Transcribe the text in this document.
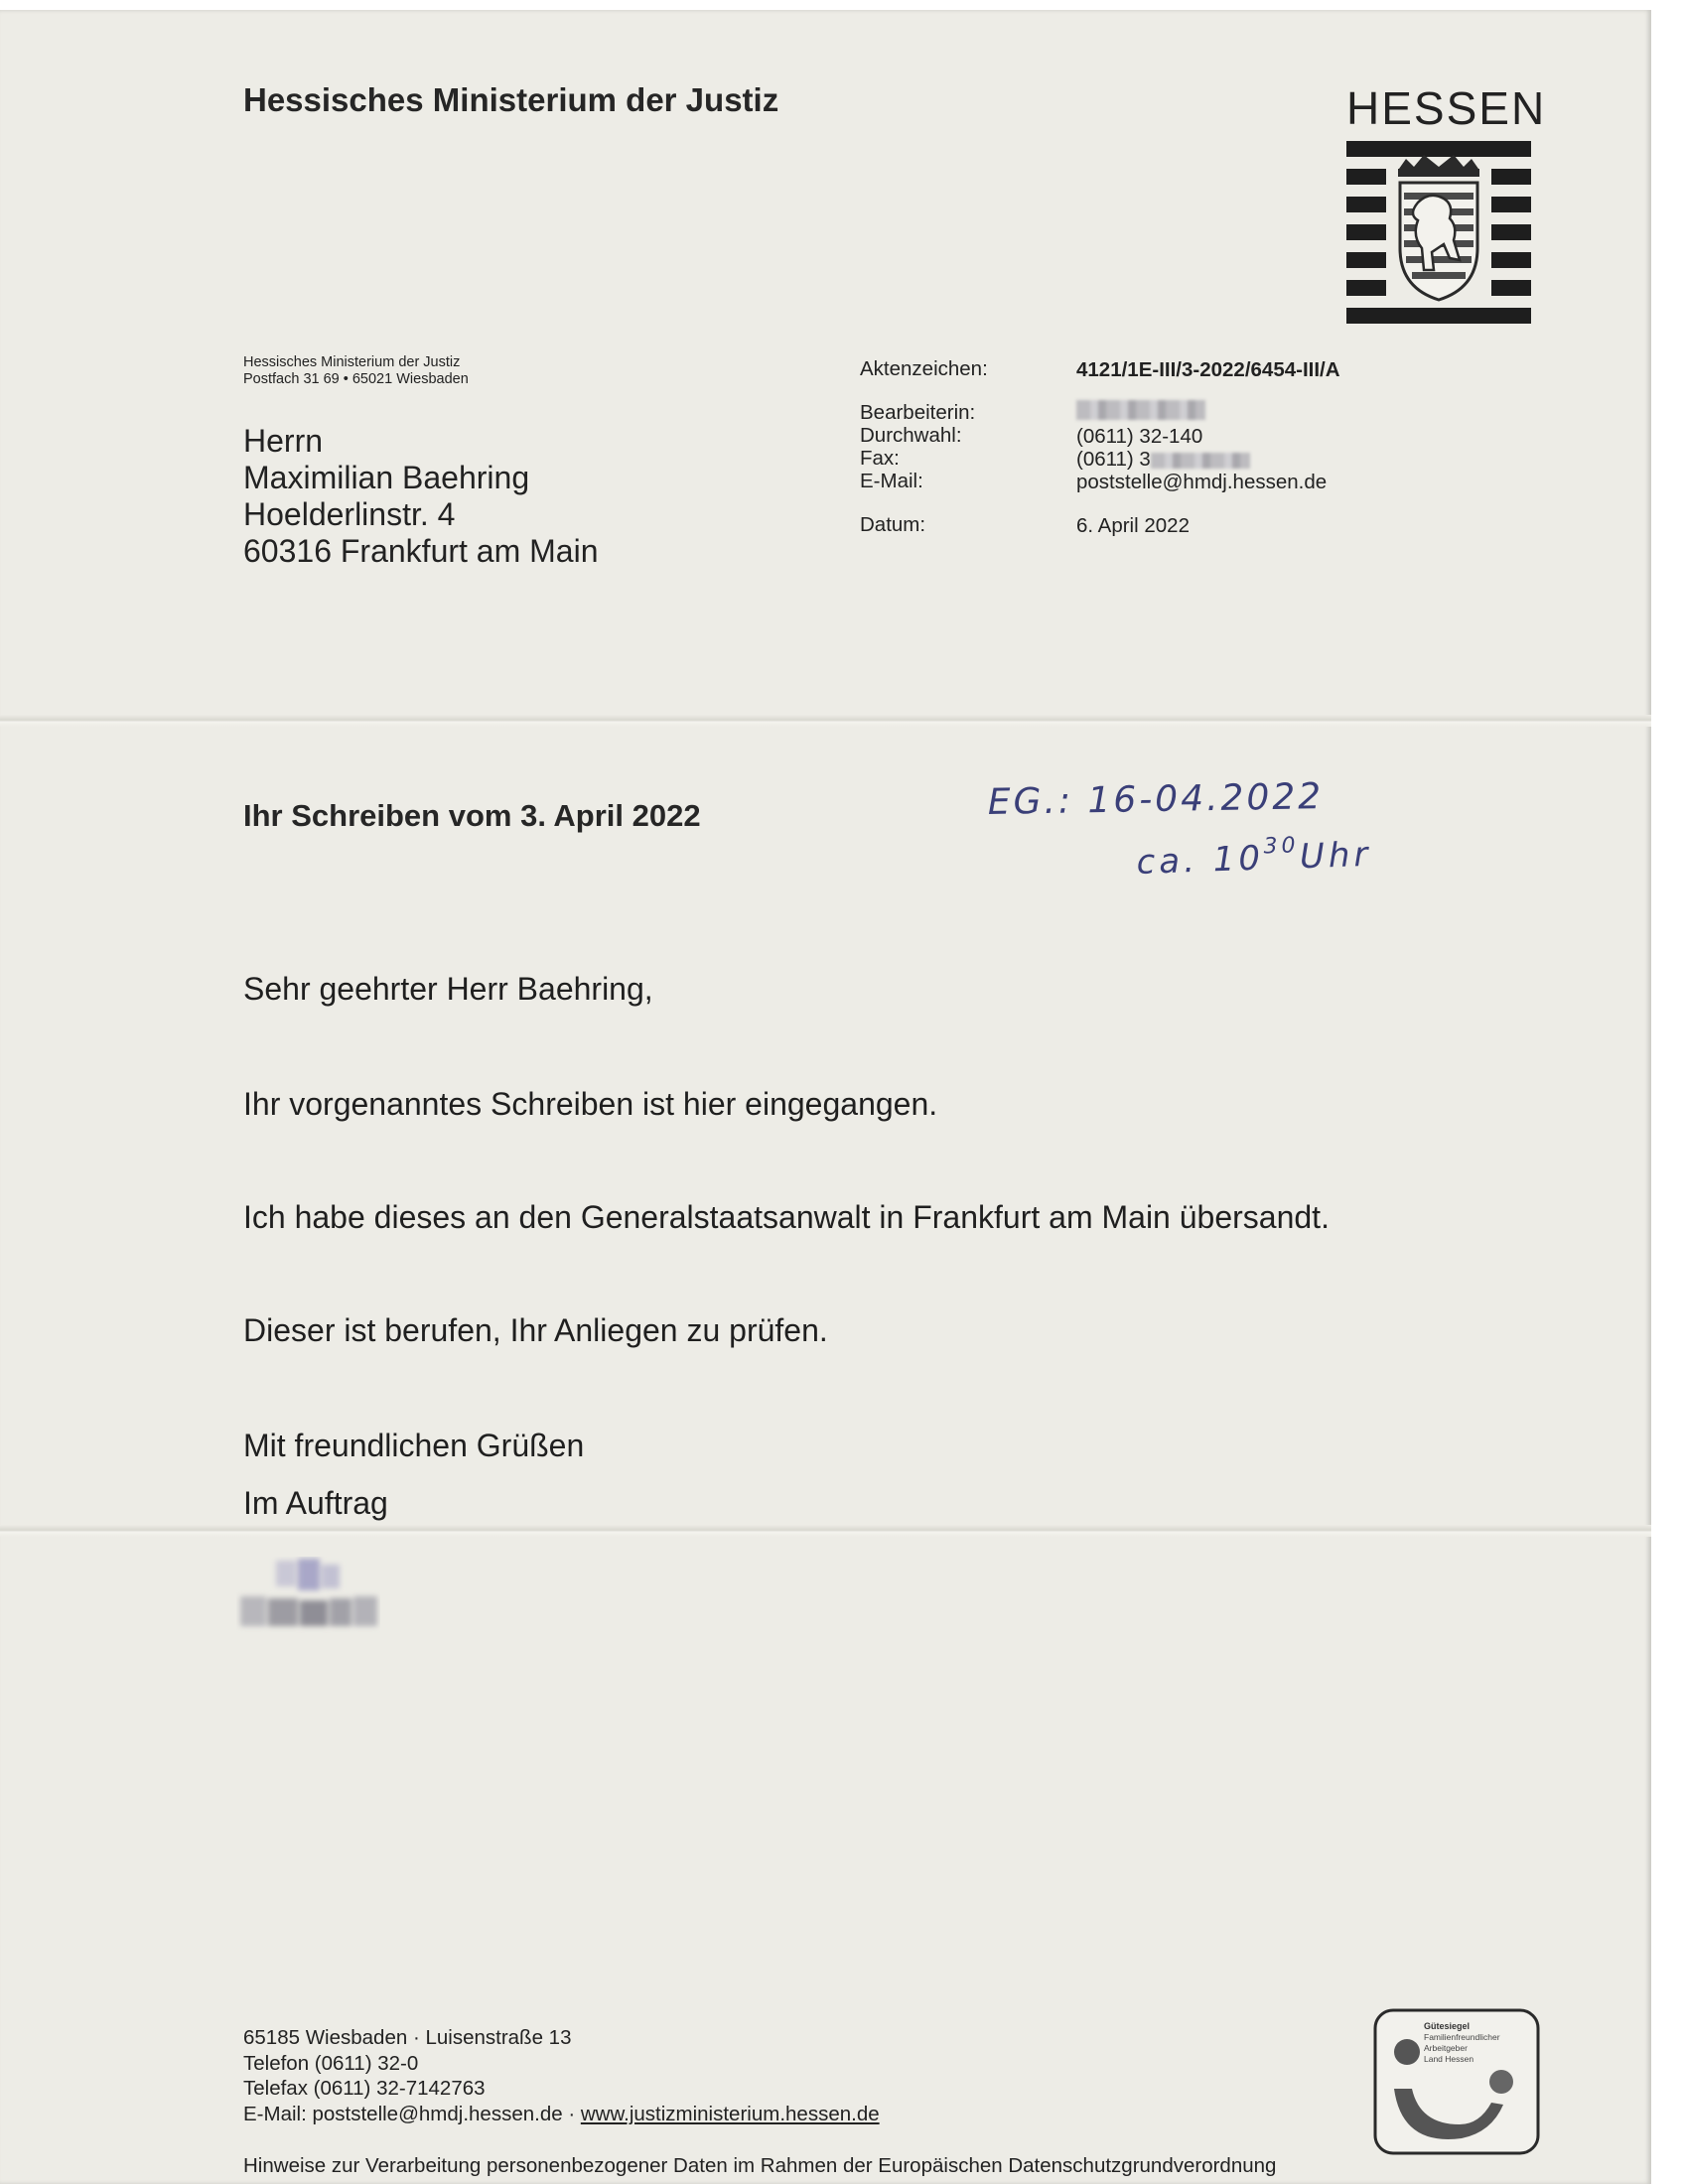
Hessisches Ministerium der Justiz	HESSEN
Hessisches Ministerium der Justiz
Postfach 31 69 • 65021 Wiesbaden
Herrn
Maximilian Baehring
Hoelderlinstr. 4
60316 Frankfurt am Main
Aktenzeichen:	4121/1E-III/3-2022/6454-III/A
Bearbeiterin:
Durchwahl:	(0611) 32-140
Fax:	(0611) 3
E-Mail:	poststelle@hmdj.hessen.de
Datum:	6. April 2022
Ihr Schreiben vom 3. April 2022	EG.: 16-04.2022
ca. $10^{30}Uhr$
Sehr geehrter Herr Baehring,
Ihr vorgenanntes Schreiben ist hier eingegangen.
Ich habe dieses an den Generalstaatsanwalt in Frankfurt am Main übersandt.
Dieser ist berufen, Ihr Anliegen zu prüfen.
Mit freundlichen Grüßen
Im Auftrag
65185 Wiesbaden · Luisenstraße 13
Telefon (0611) 32-0
Telefax (0611) 32-7142763
E-Mail: poststelle@hmdj.hessen.de · www.justizministerium.hessen.de
Hinweise zur Verarbeitung personenbezogener Daten im Rahmen der Europäischen Datenschutzgrundverordnung
Gütesiegel
Familienfreundlicher
Arbeitgeber
Land Hessen
